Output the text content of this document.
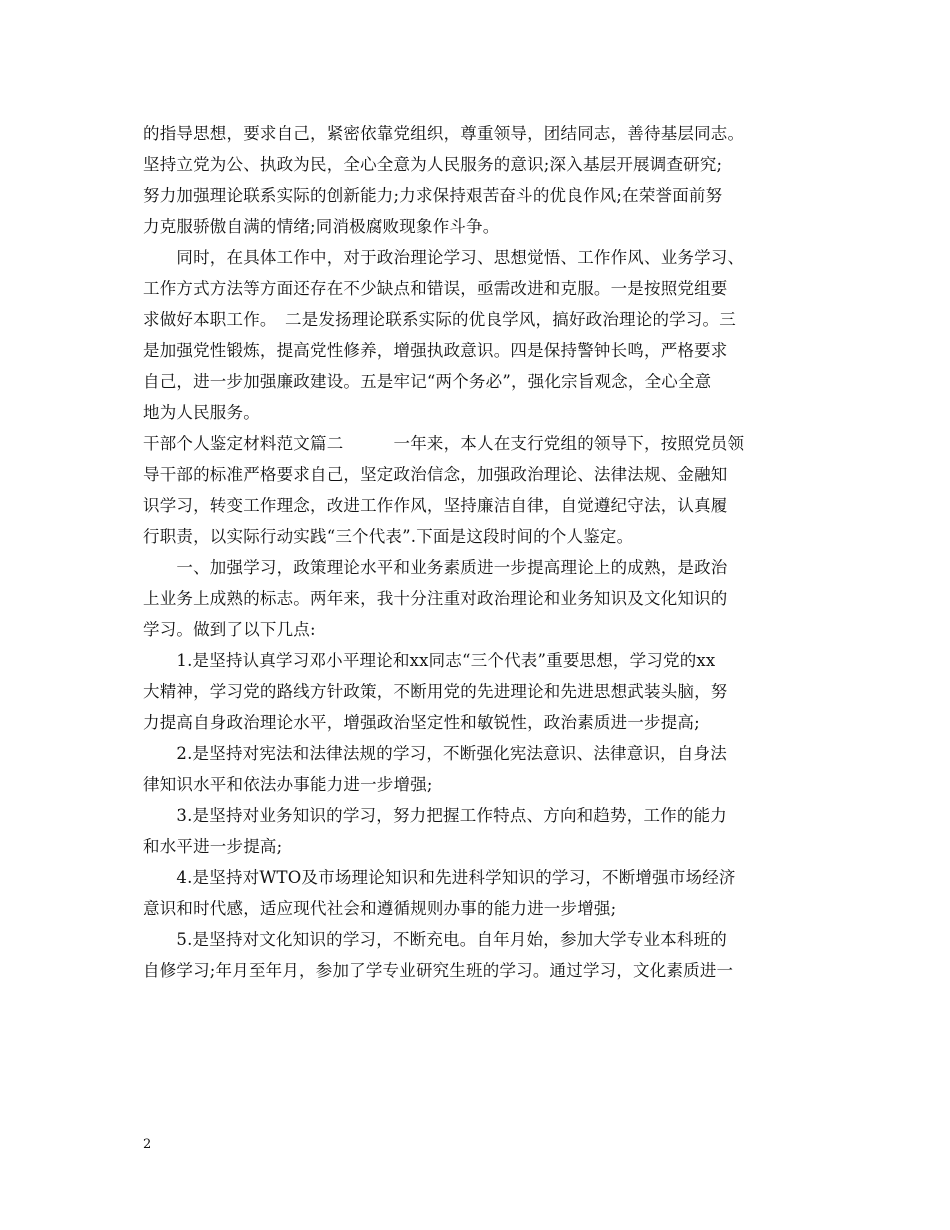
的指导思想，要求自己，紧密依靠党组织，尊重领导，团结同志，善待基层同志。
坚持立党为公、执政为民，全心全意为人民服务的意识;深入基层开展调查研究;
努力加强理论联系实际的创新能力;力求保持艰苦奋斗的优良作风;在荣誉面前努
力克服骄傲自满的情绪;同消极腐败现象作斗争。
　　同时，在具体工作中，对于政治理论学习、思想觉悟、工作作风、业务学习、
工作方式方法等方面还存在不少缺点和错误，亟需改进和克服。一是按照党组要
求做好本职工作。　二是发扬理论联系实际的优良学风，搞好政治理论的学习。三
是加强党性锻炼，提高党性修养，增强执政意识。四是保持警钟长鸣，严格要求
自己，进一步加强廉政建设。五是牢记“两个务必”，强化宗旨观念，全心全意
地为人民服务。
干部个人鉴定材料范文篇二　　　一年来，本人在支行党组的领导下，按照党员领
导干部的标准严格要求自己，坚定政治信念，加强政治理论、法律法规、金融知
识学习，转变工作理念，改进工作作风，坚持廉洁自律，自觉遵纪守法，认真履
行职责，以实际行动实践“三个代表”.下面是这段时间的个人鉴定。
　　一、加强学习，政策理论水平和业务素质进一步提高理论上的成熟，是政治
上业务上成熟的标志。两年来，我十分注重对政治理论和业务知识及文化知识的
学习。做到了以下几点:
　　1.是坚持认真学习邓小平理论和xx同志“三个代表”重要思想，学习党的xx
大精神，学习党的路线方针政策，不断用党的先进理论和先进思想武装头脑，努
力提高自身政治理论水平，增强政治坚定性和敏锐性，政治素质进一步提高;
　　2.是坚持对宪法和法律法规的学习，不断强化宪法意识、法律意识，自身法
律知识水平和依法办事能力进一步增强;
　　3.是坚持对业务知识的学习，努力把握工作特点、方向和趋势，工作的能力
和水平进一步提高;
　　4.是坚持对WTO及市场理论知识和先进科学知识的学习，不断增强市场经济
意识和时代感，适应现代社会和遵循规则办事的能力进一步增强;
　　5.是坚持对文化知识的学习，不断充电。自年月始，参加大学专业本科班的
自修学习;年月至年月，参加了学专业研究生班的学习。通过学习，文化素质进一
2
